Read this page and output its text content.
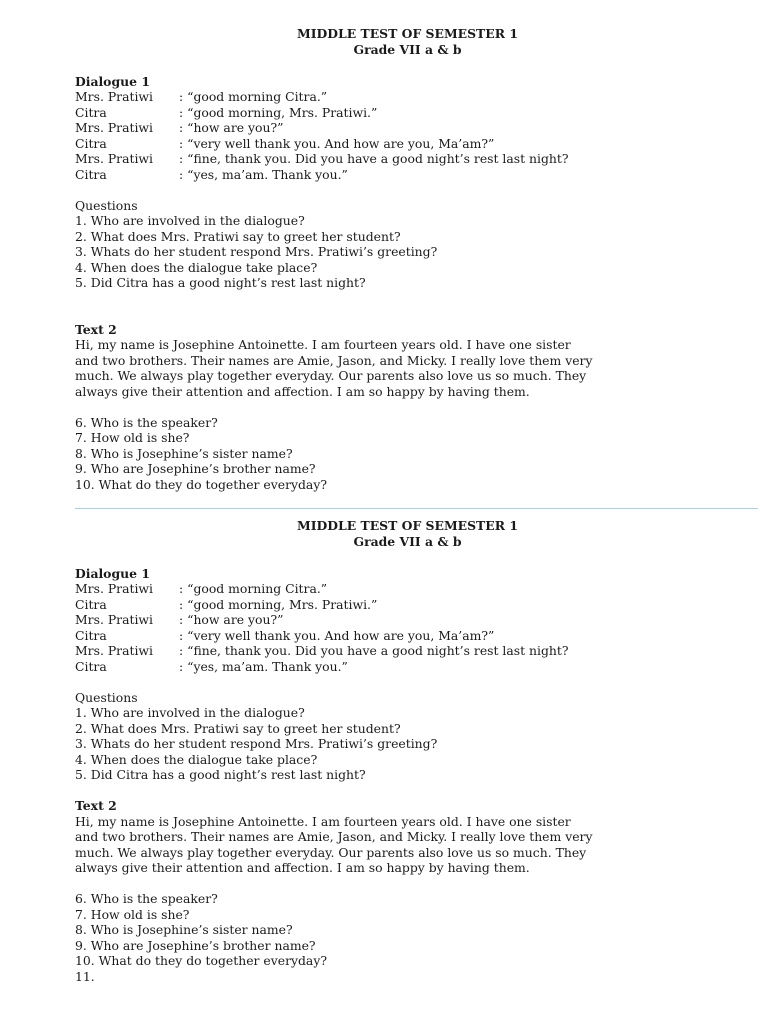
MIDDLE TEST OF SEMESTER 1
Grade VII a & b
Dialogue 1
Mrs. Pratiwi	: “good morning Citra.”
Citra	: “good morning, Mrs. Pratiwi.”
Mrs. Pratiwi	: “how are you?”
Citra	: “very well thank you. And how are you, Ma’am?”
Mrs. Pratiwi	: “fine, thank you. Did you have a good night’s rest last night?
Citra	: “yes, ma’am. Thank you.”
Questions
1. Who are involved in the dialogue?
2. What does Mrs. Pratiwi say to greet her student?
3. Whats do her student respond Mrs. Pratiwi’s greeting?
4. When does the dialogue take place?
5. Did Citra has a good night’s rest last night?
Text 2
Hi, my name is Josephine Antoinette. I am fourteen years old. I have one sister
and two brothers. Their names are Amie, Jason, and Micky. I really love them very
much. We always play together everyday. Our parents also love us so much. They
always give their attention and affection. I am so happy by having them.
6. Who is the speaker?
7. How old is she?
8. Who is Josephine’s sister name?
9. Who are Josephine’s brother name?
10. What do they do together everyday?
MIDDLE TEST OF SEMESTER 1
Grade VII a & b
Dialogue 1
Mrs. Pratiwi	: “good morning Citra.”
Citra	: “good morning, Mrs. Pratiwi.”
Mrs. Pratiwi	: “how are you?”
Citra	: “very well thank you. And how are you, Ma’am?”
Mrs. Pratiwi	: “fine, thank you. Did you have a good night’s rest last night?
Citra	: “yes, ma’am. Thank you.”
Questions
1. Who are involved in the dialogue?
2. What does Mrs. Pratiwi say to greet her student?
3. Whats do her student respond Mrs. Pratiwi’s greeting?
4. When does the dialogue take place?
5. Did Citra has a good night’s rest last night?
Text 2
Hi, my name is Josephine Antoinette. I am fourteen years old. I have one sister
and two brothers. Their names are Amie, Jason, and Micky. I really love them very
much. We always play together everyday. Our parents also love us so much. They
always give their attention and affection. I am so happy by having them.
6. Who is the speaker?
7. How old is she?
8. Who is Josephine’s sister name?
9. Who are Josephine’s brother name?
10. What do they do together everyday?
11.
